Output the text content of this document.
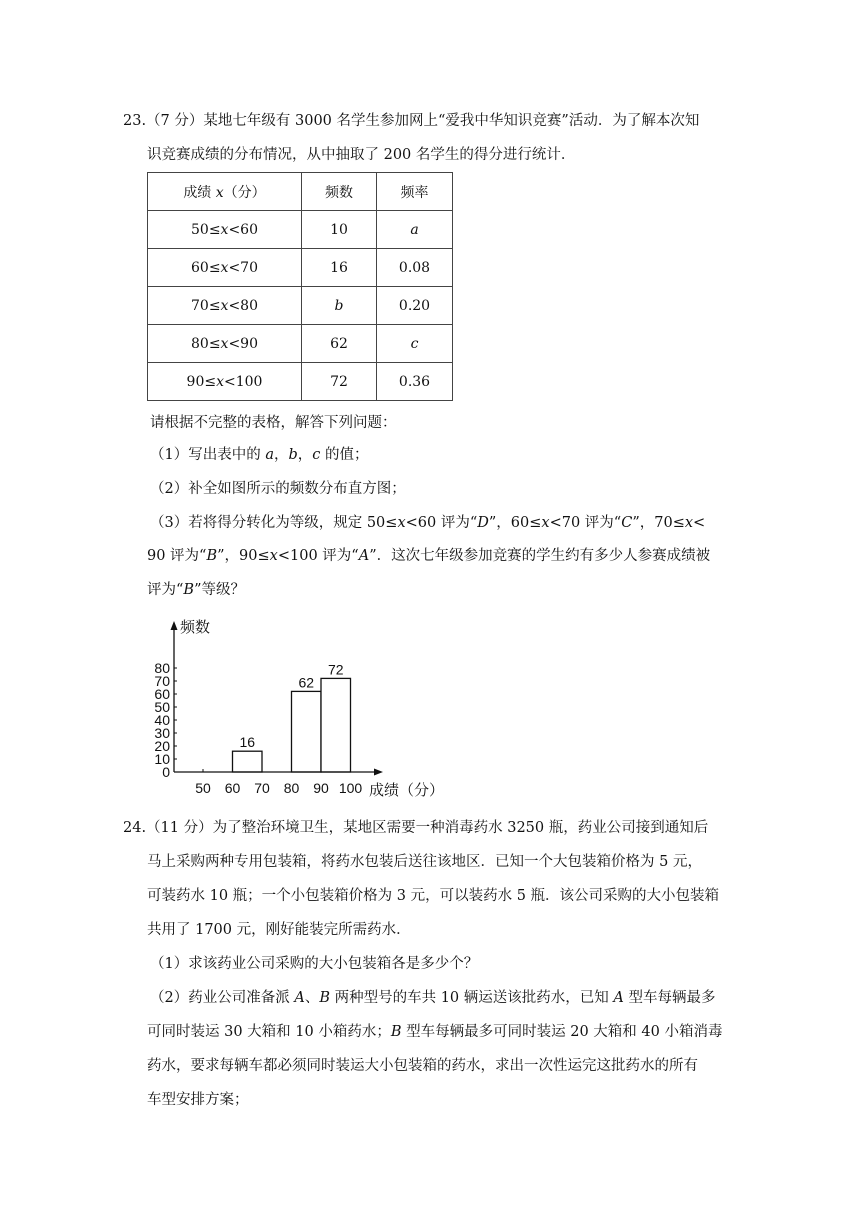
23.（7 分）某地七年级有 3000 名学生参加网上“爱我中华知识竞赛”活动．为了解本次知
识竞赛成绩的分布情况，从中抽取了 200 名学生的得分进行统计．
成绩 x（分）	频数	频率
50≤x<60	10	a
60≤x<70	16	0.08
70≤x<80	b	0.20
80≤x<90	62	c
90≤x<100	72	0.36
请根据不完整的表格，解答下列问题：
（1）写出表中的 a，b，c 的值；
（2）补全如图所示的频数分布直方图；
（3）若将得分转化为等级，规定 50≤x<60 评为“D”，60≤x<70 评为“C”，70≤x<
90 评为“B”，90≤x<100 评为“A”．这次七年级参加竞赛的学生约有多少人参赛成绩被
评为“B”等级？
0
10
20
30
40
50
60
70
80
16
62
72
50 60 70 80 90 100
频数
成绩（分）
24.（11 分）为了整治环境卫生，某地区需要一种消毒药水 3250 瓶，药业公司接到通知后
马上采购两种专用包装箱，将药水包装后送往该地区．已知一个大包装箱价格为 5 元，
可装药水 10 瓶；一个小包装箱价格为 3 元，可以装药水 5 瓶．该公司采购的大小包装箱
共用了 1700 元，刚好能装完所需药水．
（1）求该药业公司采购的大小包装箱各是多少个？
（2）药业公司准备派 A、B 两种型号的车共 10 辆运送该批药水，已知 A 型车每辆最多
可同时装运 30 大箱和 10 小箱药水；B 型车每辆最多可同时装运 20 大箱和 40 小箱消毒
药水，要求每辆车都必须同时装运大小包装箱的药水，求出一次性运完这批药水的所有
车型安排方案；
